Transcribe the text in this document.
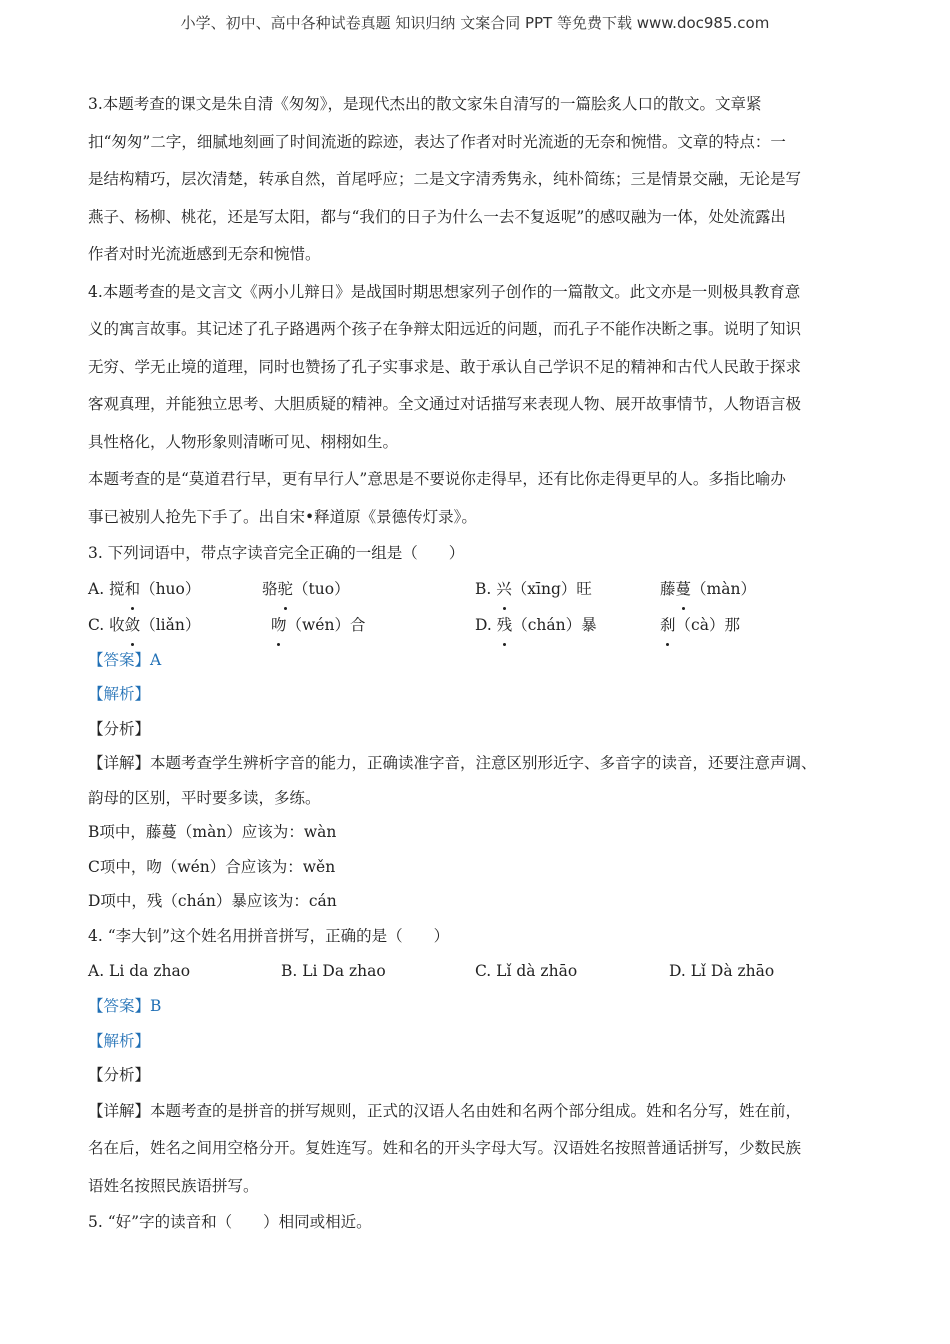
小学、初中、高中各种试卷真题 知识归纳 文案合同 PPT 等免费下载 www.doc985.com

3.本题考查的课文是朱自清《匆匆》，是现代杰出的散文家朱自清写的一篇脍炙人口的散文。文章紧

扣“匆匆”二字，细腻地刻画了时间流逝的踪迹，表达了作者对时光流逝的无奈和惋惜。文章的特点：一

是结构精巧，层次清楚，转承自然，首尾呼应；二是文字清秀隽永，纯朴简练；三是情景交融，无论是写

燕子、杨柳、桃花，还是写太阳，都与“我们的日子为什么一去不复返呢”的感叹融为一体，处处流露出

作者对时光流逝感到无奈和惋惜。

4.本题考查的是文言文《两小儿辩日》是战国时期思想家列子创作的一篇散文。此文亦是一则极具教育意

义的寓言故事。其记述了孔子路遇两个孩子在争辩太阳远近的问题，而孔子不能作决断之事。说明了知识

无穷、学无止境的道理，同时也赞扬了孔子实事求是、敢于承认自己学识不足的精神和古代人民敢于探求

客观真理，并能独立思考、大胆质疑的精神。全文通过对话描写来表现人物、展开故事情节，人物语言极

具性格化，人物形象则清晰可见、栩栩如生。

本题考查的是“莫道君行早，更有早行人”意思是不要说你走得早，还有比你走得更早的人。多指比喻办

事已被别人抢先下手了。出自宋•释道原《景德传灯录》。

3. 下列词语中，带点字读音完全正确的一组是（　　）

A. 搅和（huo）	骆驼（tuo）	B. 兴（xīng）旺	藤蔓（màn）
C. 收敛（liǎn）	吻（wén）合	D. 残（chán）暴	刹（cà）那

【答案】A

【解析】

【分析】

【详解】本题考查学生辨析字音的能力，正确读准字音，注意区别形近字、多音字的读音，还要注意声调、

韵母的区别，平时要多读，多练。

B项中，藤蔓（màn）应该为：wàn

C项中，吻（wén）合应该为：wěn

D项中，残（chán）暴应该为：cán

4. “李大钊”这个姓名用拼音拼写，正确的是（　　）

A. Li da zhao	B. Li Da zhao	C. Lǐ dà zhāo	D. Lǐ Dà zhāo

【答案】B

【解析】

【分析】

【详解】本题考查的是拼音的拼写规则，正式的汉语人名由姓和名两个部分组成。姓和名分写，姓在前，

名在后，姓名之间用空格分开。复姓连写。姓和名的开头字母大写。汉语姓名按照普通话拼写，少数民族

语姓名按照民族语拼写。

5. “好”字的读音和（　　）相同或相近。
